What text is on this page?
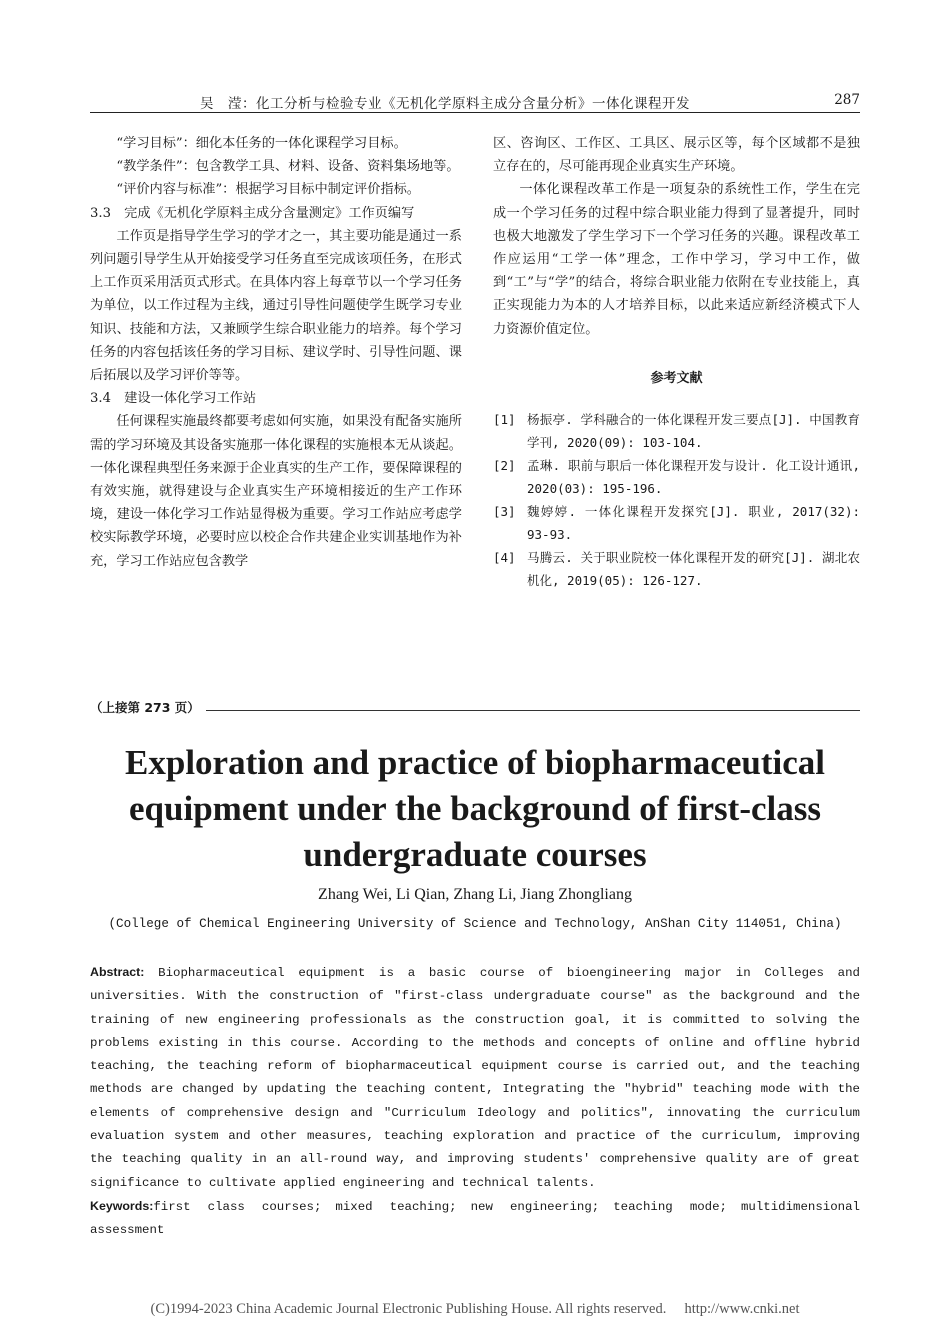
吴　滢：化工分析与检验专业《无机化学原料主成分含量分析》一体化课程开发	287

“学习目标”：细化本任务的一体化课程学习目标。

“教学条件”：包含教学工具、材料、设备、资料集场地等。

“评价内容与标准”：根据学习目标中制定评价指标。

3.3　完成《无机化学原料主成分含量测定》工作页编写

工作页是指导学生学习的学才之一，其主要功能是通过一系列问题引导学生从开始接受学习任务直至完成该项任务，在形式上工作页采用活页式形式。在具体内容上每章节以一个学习任务为单位，以工作过程为主线，通过引导性问题使学生既学习专业知识、技能和方法，又兼顾学生综合职业能力的培养。每个学习任务的内容包括该任务的学习目标、建议学时、引导性问题、课后拓展以及学习评价等等。

3.4　建设一体化学习工作站

任何课程实施最终都要考虑如何实施，如果没有配备实施所需的学习环境及其设备实施那一体化课程的实施根本无从谈起。一体化课程典型任务来源于企业真实的生产工作，要保障课程的有效实施，就得建设与企业真实生产环境相接近的生产工作环境，建设一体化学习工作站显得极为重要。学习工作站应考虑学校实际教学环境，必要时应以校企合作共建企业实训基地作为补充，学习工作站应包含教学

区、咨询区、工作区、工具区、展示区等，每个区域都不是独立存在的，尽可能再现企业真实生产环境。

一体化课程改革工作是一项复杂的系统性工作，学生在完成一个学习任务的过程中综合职业能力得到了显著提升，同时也极大地激发了学生学习下一个学习任务的兴趣。课程改革工作应运用“工学一体”理念，工作中学习，学习中工作，做到“工”与“学”的结合，将综合职业能力依附在专业技能上，真正实现能力为本的人才培养目标，以此来适应新经济模式下人力资源价值定位。

参考文献

[1] 杨振亭. 学科融合的一体化课程开发三要点[J]. 中国教育学刊, 2020(09): 103-104.
[2] 孟琳. 职前与职后一体化课程开发与设计. 化工设计通讯, 2020(03): 195-196.
[3] 魏婷婷. 一体化课程开发探究[J]. 职业, 2017(32): 93-93.
[4] 马腾云. 关于职业院校一体化课程开发的研究[J]. 湖北农机化, 2019(05): 126-127.
（上接第 273 页）
Exploration and practice of biopharmaceutical equipment under the background of first-class undergraduate courses
Zhang Wei, Li Qian, Zhang Li, Jiang Zhongliang
(College of Chemical Engineering University of Science and Technology, AnShan City 114051, China)

Abstract: Biopharmaceutical equipment is a basic course of bioengineering major in Colleges and universities. With the construction of "first-class undergraduate course" as the background and the training of new engineering professionals as the construction goal, it is committed to solving the problems existing in this course. According to the methods and concepts of online and offline hybrid teaching, the teaching reform of biopharmaceutical equipment course is carried out, and the teaching methods are changed by updating the teaching content, Integrating the "hybrid" teaching mode with the elements of comprehensive design and "Curriculum Ideology and politics", innovating the curriculum evaluation system and other measures, teaching exploration and practice of the curriculum, improving the teaching quality in an all-round way, and improving students' comprehensive quality are of great significance to cultivate applied engineering and technical talents.

Keywords:first class courses; mixed teaching; new engineering; teaching mode; multidimensional assessment

(C)1994-2023 China Academic Journal Electronic Publishing House. All rights reserved.　 http://www.cnki.net
